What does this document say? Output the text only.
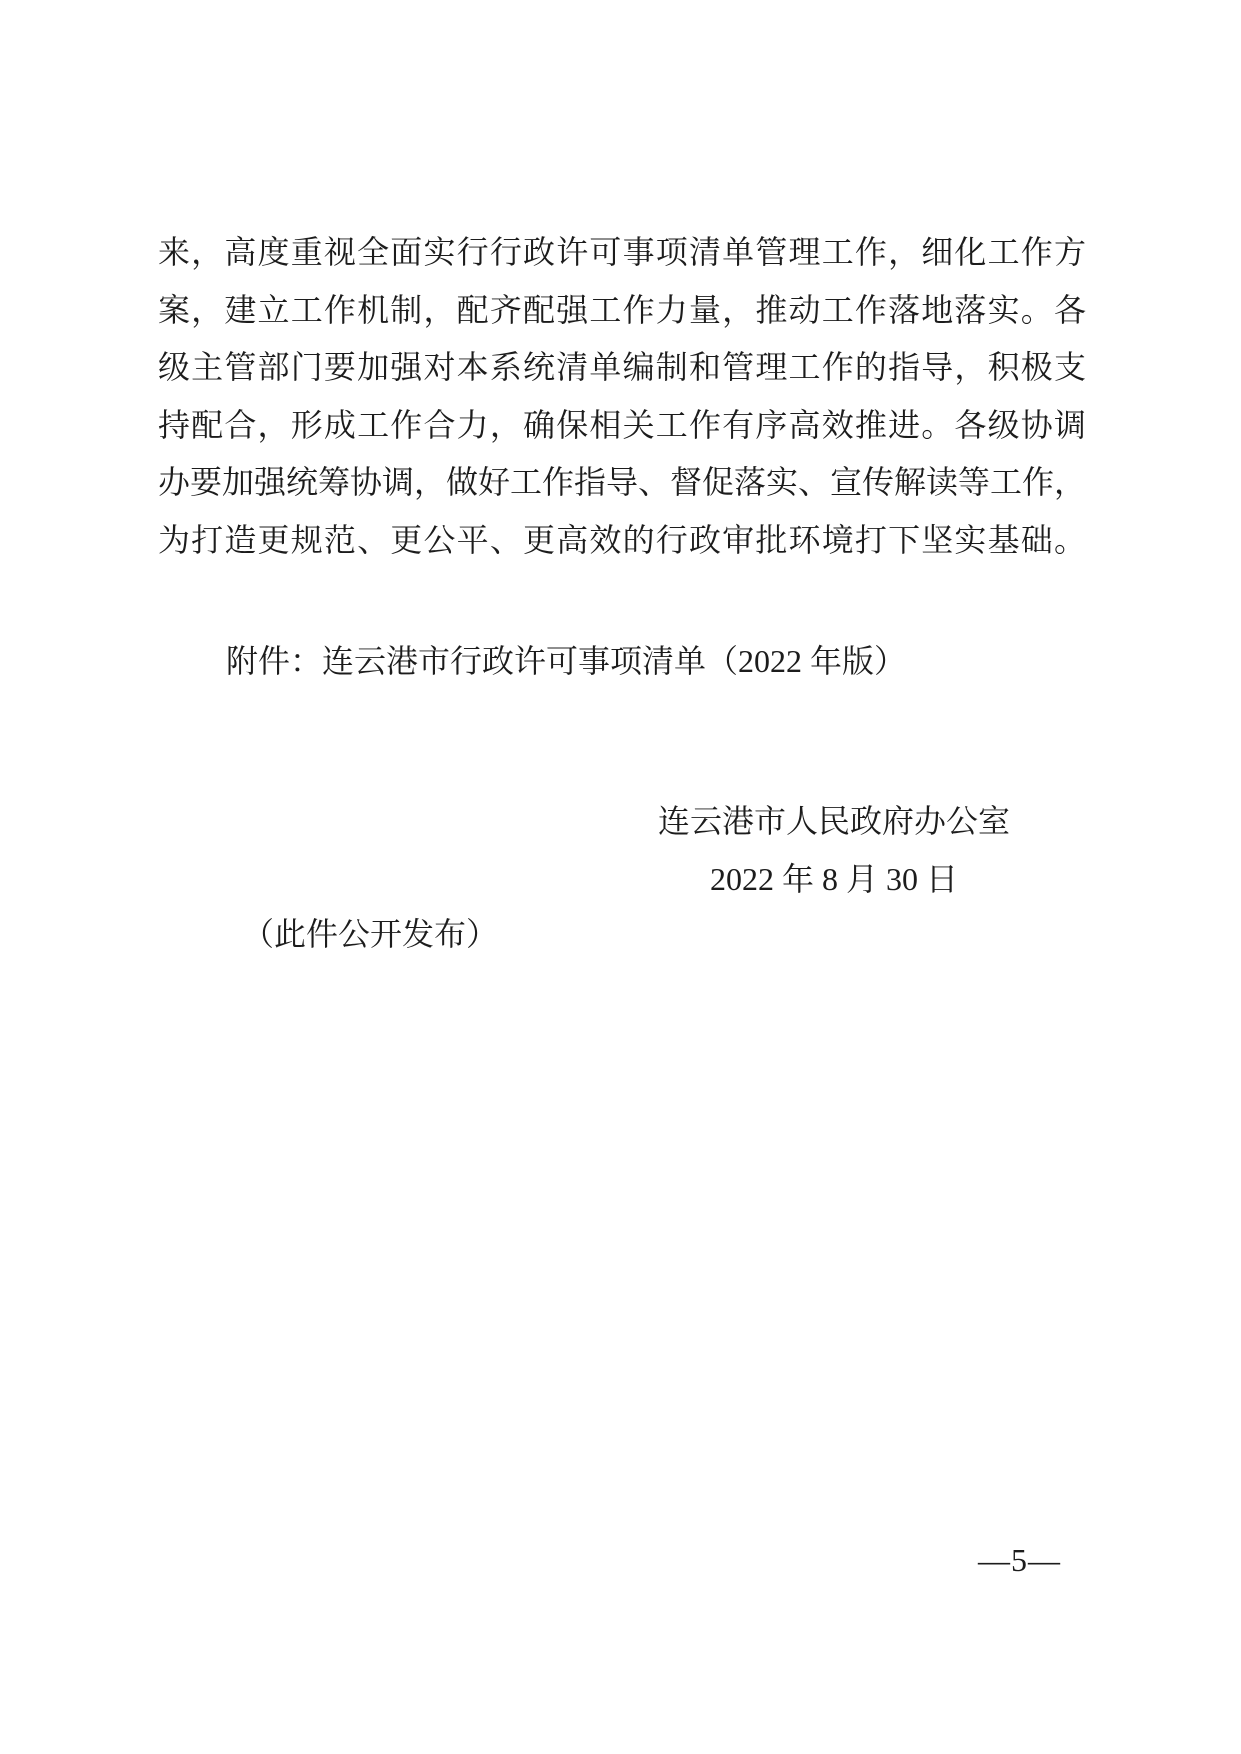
来，高度重视全面实行行政许可事项清单管理工作，细化工作方
案，建立工作机制，配齐配强工作力量，推动工作落地落实。各
级主管部门要加强对本系统清单编制和管理工作的指导，积极支
持配合，形成工作合力，确保相关工作有序高效推进。各级协调
办要加强统筹协调，做好工作指导、督促落实、宣传解读等工作，
为打造更规范、更公平、更高效的行政审批环境打下坚实基础。
附件：连云港市行政许可事项清单（2022 年版）
连云港市人民政府办公室
2022 年 8 月 30 日
（此件公开发布）
—5—
